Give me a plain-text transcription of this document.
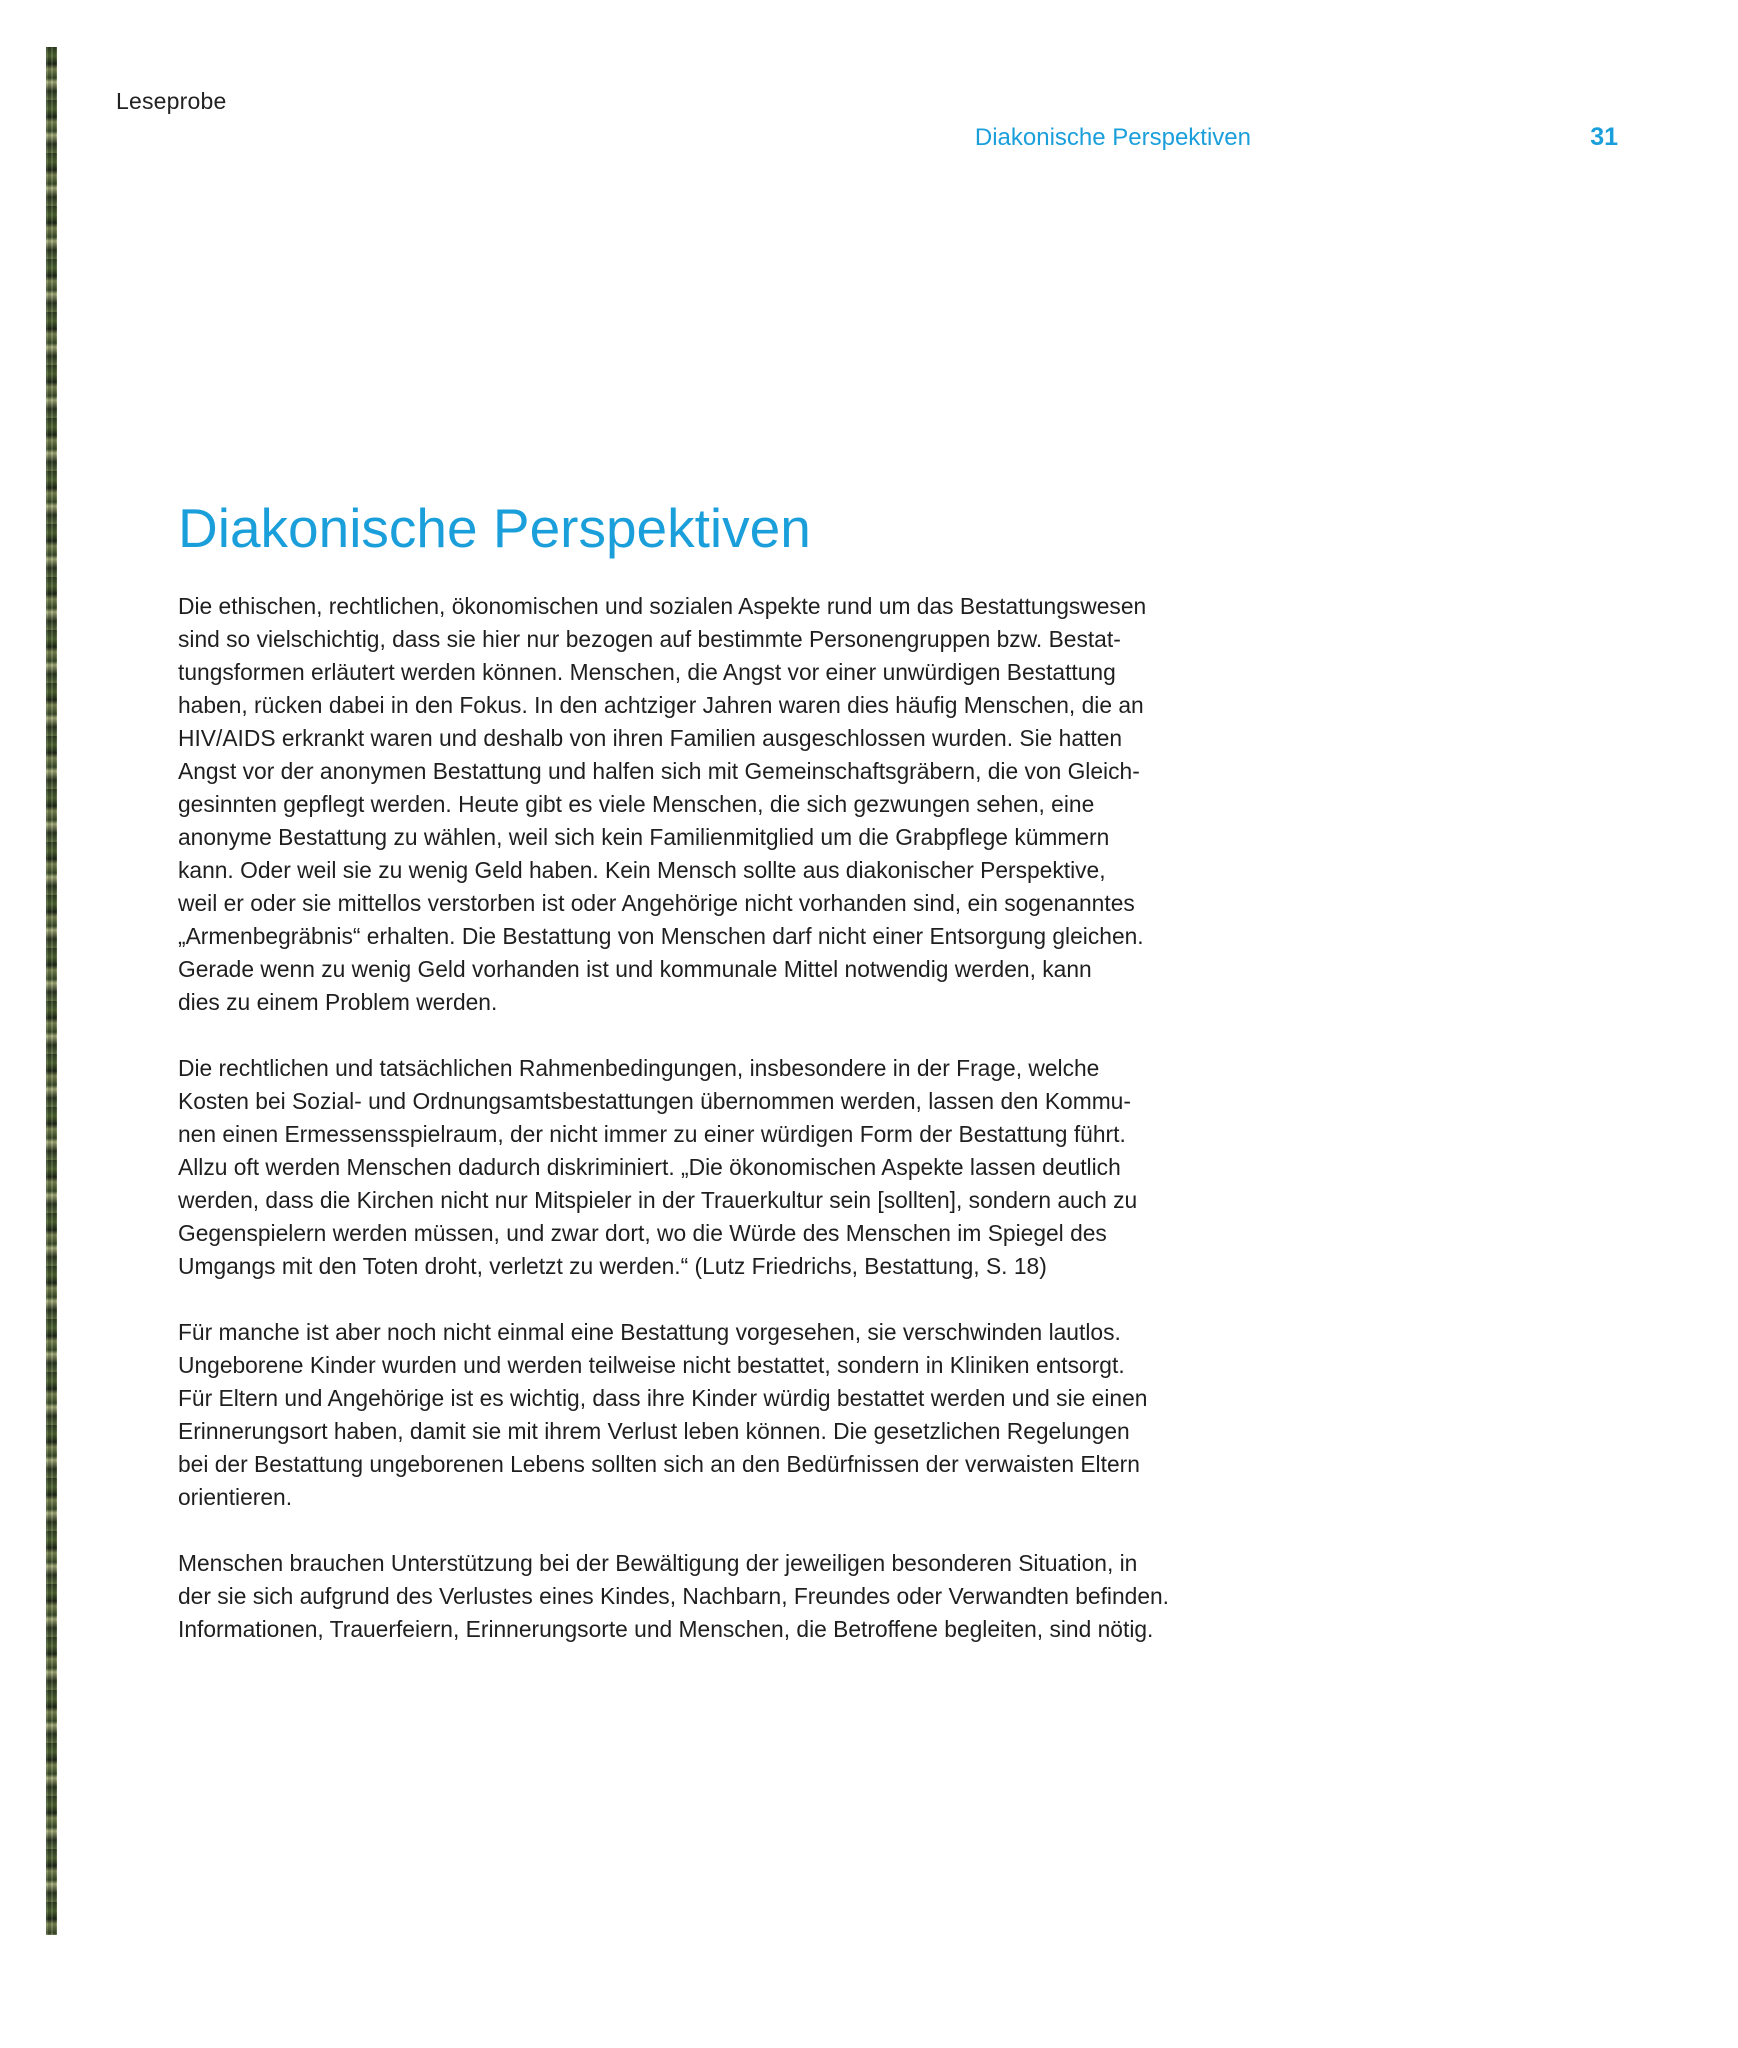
Leseprobe
Diakonische Perspektiven	31
Diakonische Perspektiven

Die ethischen, rechtlichen, ökonomischen und sozialen Aspekte rund um das Bestattungswesen
sind so vielschichtig, dass sie hier nur bezogen auf bestimmte Personengruppen bzw. Bestat-
tungsformen erläutert werden können. Menschen, die Angst vor einer unwürdigen Bestattung
haben, rücken dabei in den Fokus. In den achtziger Jahren waren dies häufig Menschen, die an
HIV/AIDS erkrankt waren und deshalb von ihren Familien ausgeschlossen wurden. Sie hatten
Angst vor der anonymen Bestattung und halfen sich mit Gemeinschaftsgräbern, die von Gleich-
gesinnten gepflegt werden. Heute gibt es viele Menschen, die sich gezwungen sehen, eine
anonyme Bestattung zu wählen, weil sich kein Familienmitglied um die Grabpflege kümmern
kann. Oder weil sie zu wenig Geld haben. Kein Mensch sollte aus diakonischer Perspektive,
weil er oder sie mittellos verstorben ist oder Angehörige nicht vorhanden sind, ein sogenanntes
„Armenbegräbnis“ erhalten. Die Bestattung von Menschen darf nicht einer Entsorgung gleichen.
Gerade wenn zu wenig Geld vorhanden ist und kommunale Mittel notwendig werden, kann
dies zu einem Problem werden.

Die rechtlichen und tatsächlichen Rahmenbedingungen, insbesondere in der Frage, welche
Kosten bei Sozial- und Ordnungsamtsbestattungen übernommen werden, lassen den Kommu-
nen einen Ermessensspielraum, der nicht immer zu einer würdigen Form der Bestattung führt.
Allzu oft werden Menschen dadurch diskriminiert. „Die ökonomischen Aspekte lassen deutlich
werden, dass die Kirchen nicht nur Mitspieler in der Trauerkultur sein [sollten], sondern auch zu
Gegenspielern werden müssen, und zwar dort, wo die Würde des Menschen im Spiegel des
Umgangs mit den Toten droht, verletzt zu werden.“ (Lutz Friedrichs, Bestattung, S. 18)

Für manche ist aber noch nicht einmal eine Bestattung vorgesehen, sie verschwinden lautlos.
Ungeborene Kinder wurden und werden teilweise nicht bestattet, sondern in Kliniken entsorgt.
Für Eltern und Angehörige ist es wichtig, dass ihre Kinder würdig bestattet werden und sie einen
Erinnerungsort haben, damit sie mit ihrem Verlust leben können. Die gesetzlichen Regelungen
bei der Bestattung ungeborenen Lebens sollten sich an den Bedürfnissen der verwaisten Eltern
orientieren.

Menschen brauchen Unterstützung bei der Bewältigung der jeweiligen besonderen Situation, in
der sie sich aufgrund des Verlustes eines Kindes, Nachbarn, Freundes oder Verwandten befinden.
Informationen, Trauerfeiern, Erinnerungsorte und Menschen, die Betroffene begleiten, sind nötig.
